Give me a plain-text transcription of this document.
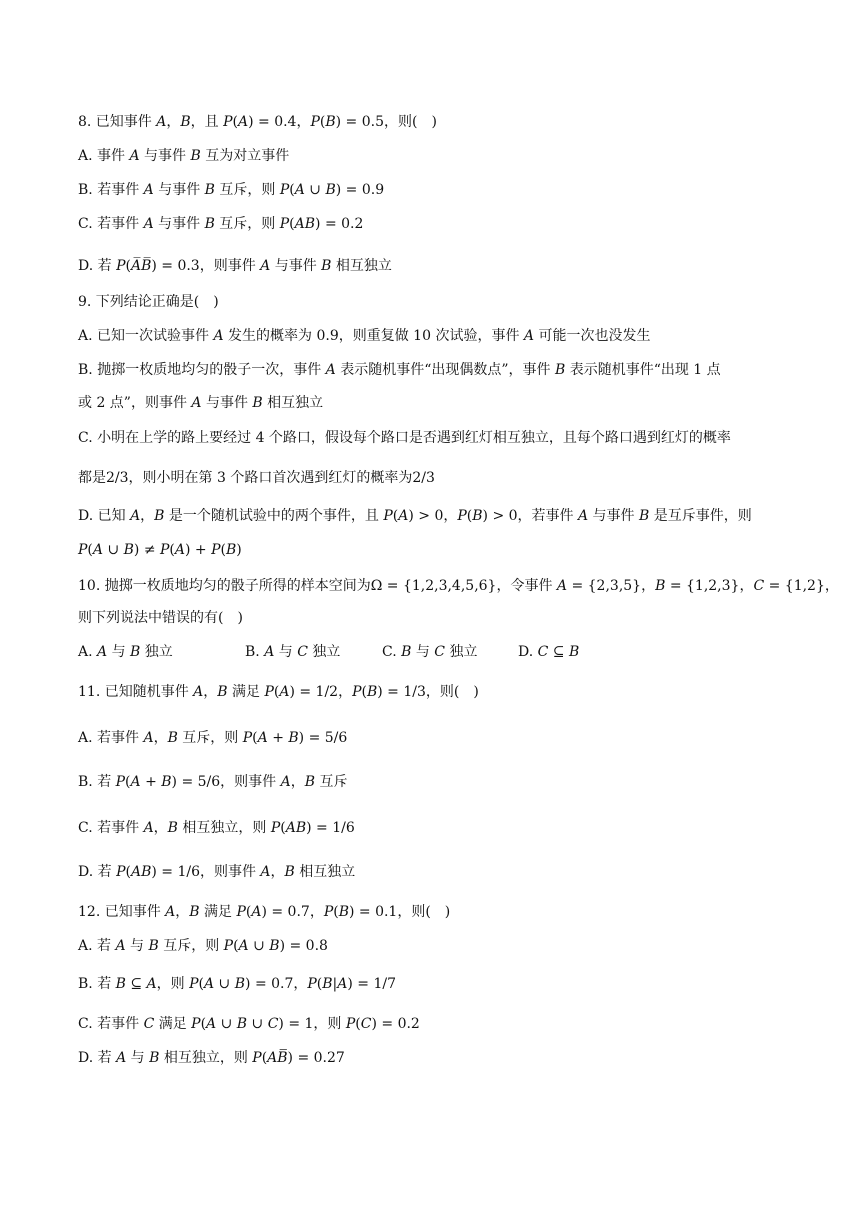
8. 已知事件 𝐴，𝐵，且 𝑃(𝐴) = 0.4，𝑃(𝐵) = 0.5，则(　)
A. 事件 𝐴 与事件 𝐵 互为对立事件
B. 若事件 𝐴 与事件 𝐵 互斥，则 𝑃(𝐴 ∪ 𝐵) = 0.9
C. 若事件 𝐴 与事件 𝐵 互斥，则 𝑃(𝐴𝐵) = 0.2
D. 若 𝑃(𝐴̅𝐵̅) = 0.3，则事件 𝐴 与事件 𝐵 相互独立
9. 下列结论正确是(　)
A. 已知一次试验事件 𝐴 发生的概率为 0.9，则重复做 10 次试验，事件 𝐴 可能一次也没发生
B. 抛掷一枚质地均匀的骰子一次，事件 𝐴 表示随机事件“出现偶数点”，事件 𝐵 表示随机事件“出现 1 点
或 2 点”，则事件 𝐴 与事件 𝐵 相互独立
C. 小明在上学的路上要经过 4 个路口，假设每个路口是否遇到红灯相互独立，且每个路口遇到红灯的概率
都是2/3，则小明在第 3 个路口首次遇到红灯的概率为2/3
D. 已知 𝐴，𝐵 是一个随机试验中的两个事件，且 𝑃(𝐴) > 0，𝑃(𝐵) > 0，若事件 𝐴 与事件 𝐵 是互斥事件，则
𝑃(𝐴 ∪ 𝐵) ≠ 𝑃(𝐴) + 𝑃(𝐵)
10. 抛掷一枚质地均匀的骰子所得的样本空间为Ω = {1,2,3,4,5,6}，令事件 𝐴 = {2,3,5}，𝐵 = {1,2,3}，𝐶 = {1,2}，
则下列说法中错误的有(　)
A. 𝐴 与 𝐵 独立	B. 𝐴 与 𝐶 独立	C. 𝐵 与 𝐶 独立	D. 𝐶 ⊆ 𝐵
11. 已知随机事件 𝐴，𝐵 满足 𝑃(𝐴) = 1/2，𝑃(𝐵) = 1/3，则(　)
A. 若事件 𝐴，𝐵 互斥，则 𝑃(𝐴 + 𝐵) = 5/6
B. 若 𝑃(𝐴 + 𝐵) = 5/6，则事件 𝐴，𝐵 互斥
C. 若事件 𝐴，𝐵 相互独立，则 𝑃(𝐴𝐵) = 1/6
D. 若 𝑃(𝐴𝐵) = 1/6，则事件 𝐴，𝐵 相互独立
12. 已知事件 𝐴，𝐵 满足 𝑃(𝐴) = 0.7，𝑃(𝐵) = 0.1，则(　)
A. 若 𝐴 与 𝐵 互斥，则 𝑃(𝐴 ∪ 𝐵) = 0.8
B. 若 𝐵 ⊆ 𝐴，则 𝑃(𝐴 ∪ 𝐵) = 0.7，𝑃(𝐵|𝐴) = 1/7
C. 若事件 𝐶 满足 𝑃(𝐴 ∪ 𝐵 ∪ 𝐶) = 1，则 𝑃(𝐶) = 0.2
D. 若 𝐴 与 𝐵 相互独立，则 𝑃(𝐴𝐵̅̅̅) = 0.27
